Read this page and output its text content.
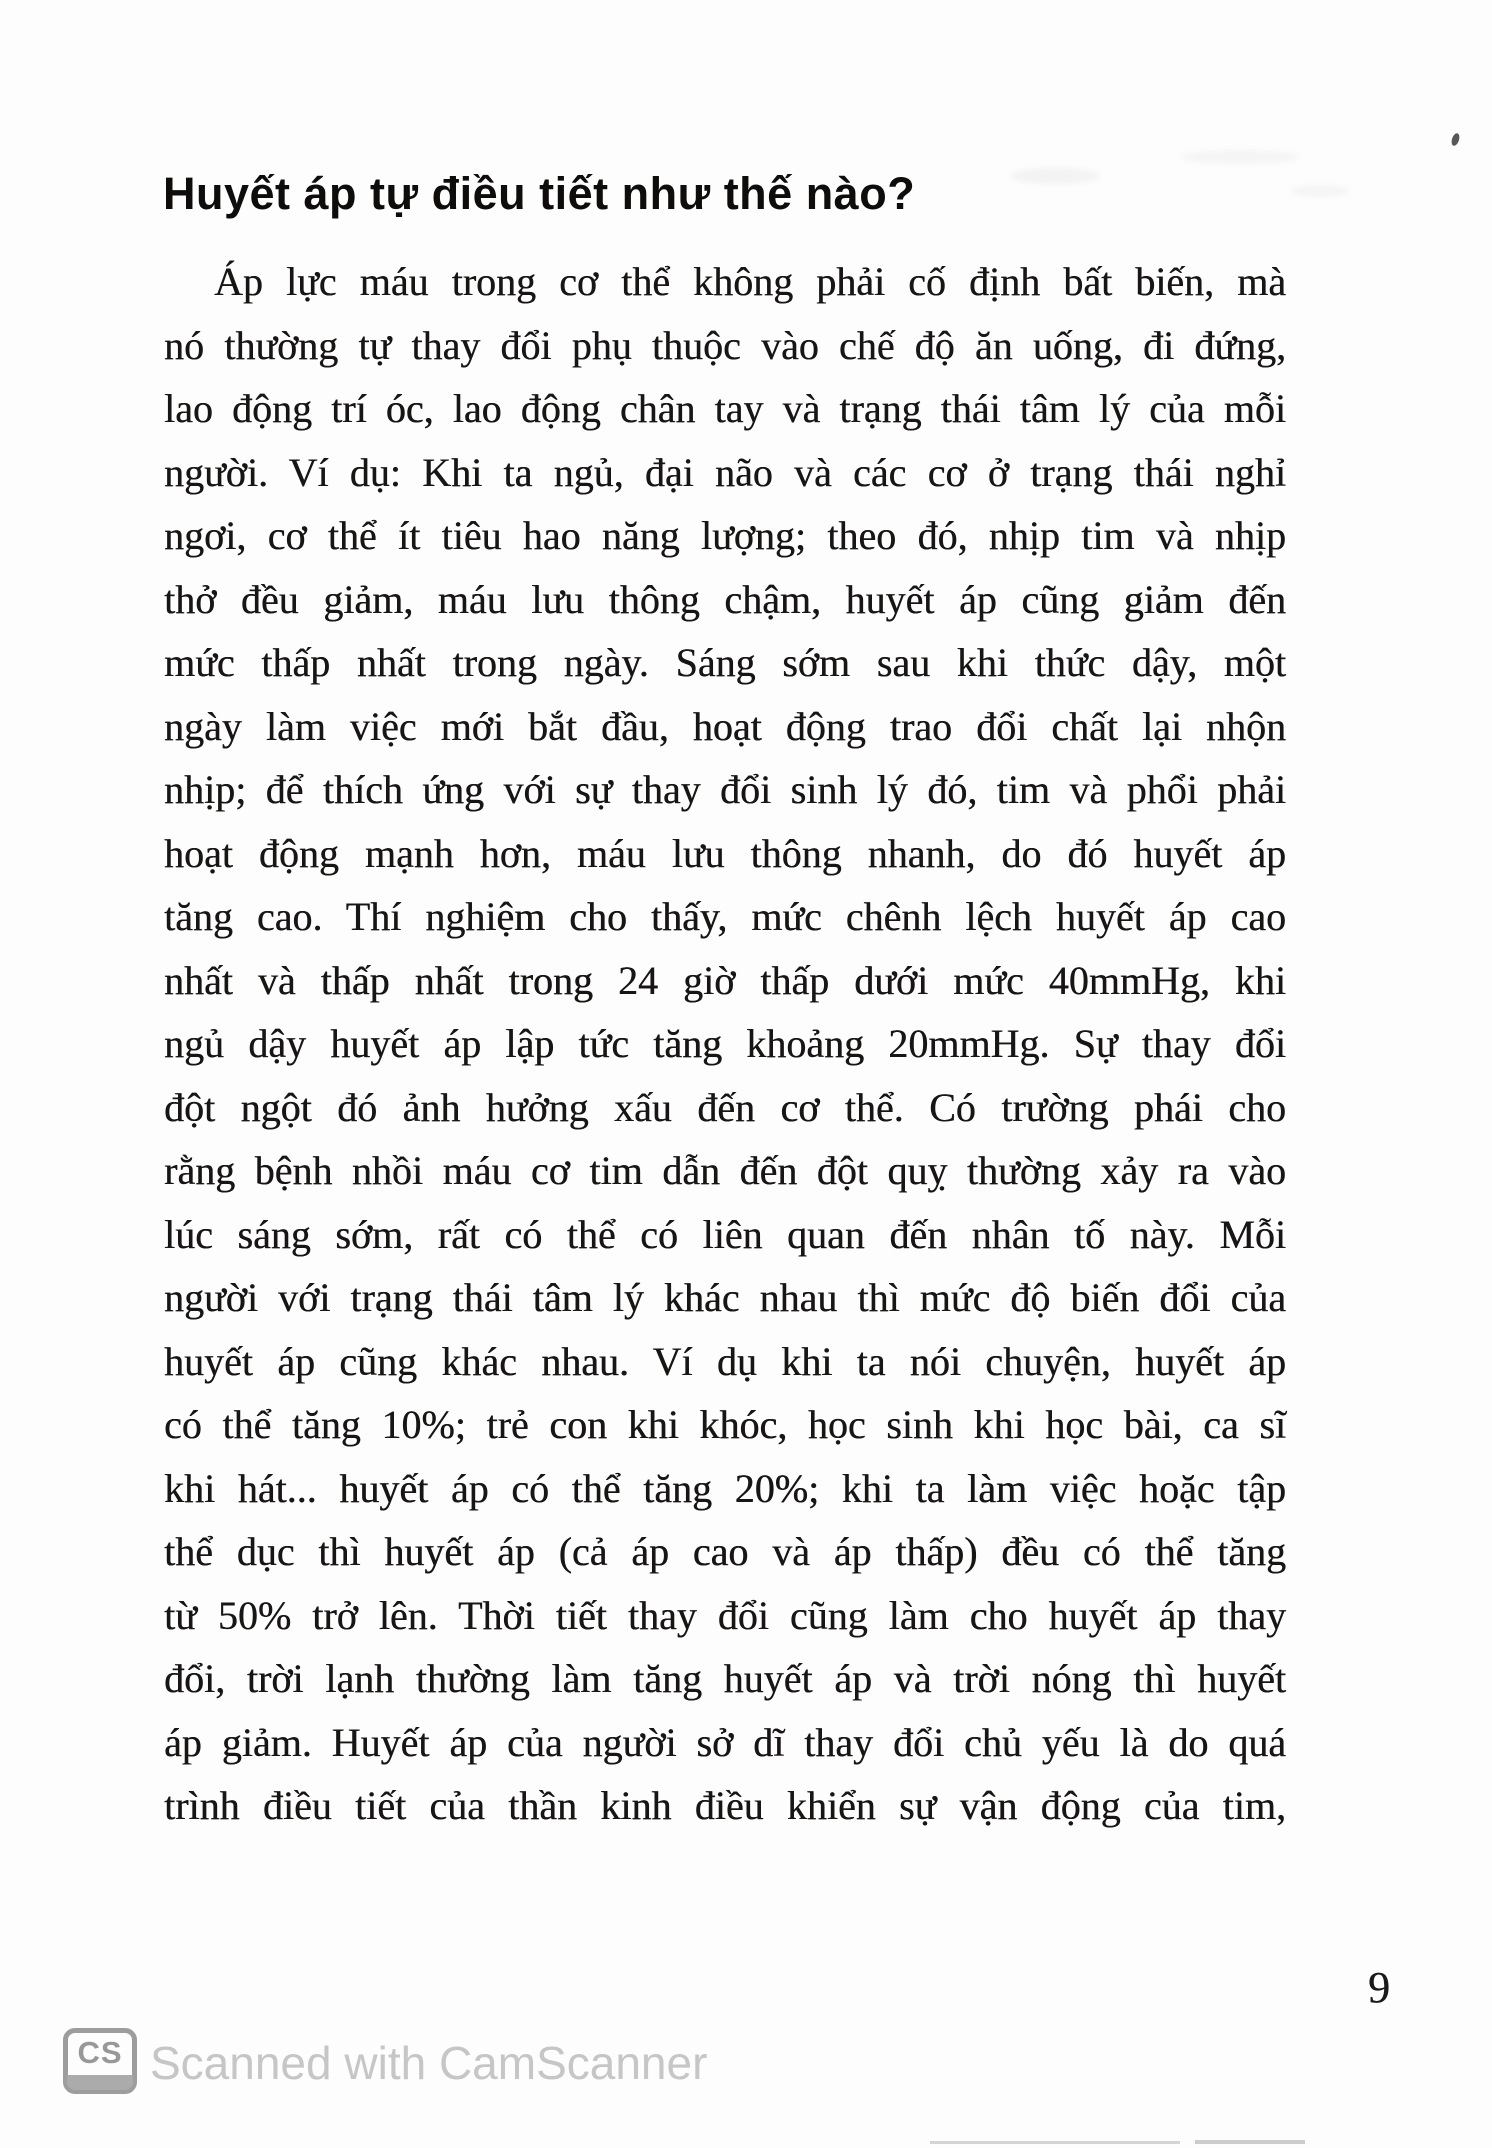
Huyết áp tự điều tiết như thế nào?
Áp lực máu trong cơ thể không phải cố định bất biến, mà
nó thường tự thay đổi phụ thuộc vào chế độ ăn uống, đi đứng,
lao động trí óc, lao động chân tay và trạng thái tâm lý của mỗi
người. Ví dụ: Khi ta ngủ, đại não và các cơ ở trạng thái nghỉ
ngơi, cơ thể ít tiêu hao năng lượng; theo đó, nhịp tim và nhịp
thở đều giảm, máu lưu thông chậm, huyết áp cũng giảm đến
mức thấp nhất trong ngày. Sáng sớm sau khi thức dậy, một
ngày làm việc mới bắt đầu, hoạt động trao đổi chất lại nhộn
nhịp; để thích ứng với sự thay đổi sinh lý đó, tim và phổi phải
hoạt động mạnh hơn, máu lưu thông nhanh, do đó huyết áp
tăng cao. Thí nghiệm cho thấy, mức chênh lệch huyết áp cao
nhất và thấp nhất trong 24 giờ thấp dưới mức 40mmHg, khi
ngủ dậy huyết áp lập tức tăng khoảng 20mmHg. Sự thay đổi
đột ngột đó ảnh hưởng xấu đến cơ thể. Có trường phái cho
rằng bệnh nhồi máu cơ tim dẫn đến đột quỵ thường xảy ra vào
lúc sáng sớm, rất có thể có liên quan đến nhân tố này. Mỗi
người với trạng thái tâm lý khác nhau thì mức độ biến đổi của
huyết áp cũng khác nhau. Ví dụ khi ta nói chuyện, huyết áp
có thể tăng 10%; trẻ con khi khóc, học sinh khi học bài, ca sĩ
khi hát... huyết áp có thể tăng 20%; khi ta làm việc hoặc tập
thể dục thì huyết áp (cả áp cao và áp thấp) đều có thể tăng
từ 50% trở lên. Thời tiết thay đổi cũng làm cho huyết áp thay
đổi, trời lạnh thường làm tăng huyết áp và trời nóng thì huyết
áp giảm. Huyết áp của người sở dĩ thay đổi chủ yếu là do quá
trình điều tiết của thần kinh điều khiển sự vận động của tim,
9
CS Scanned with CamScanner
